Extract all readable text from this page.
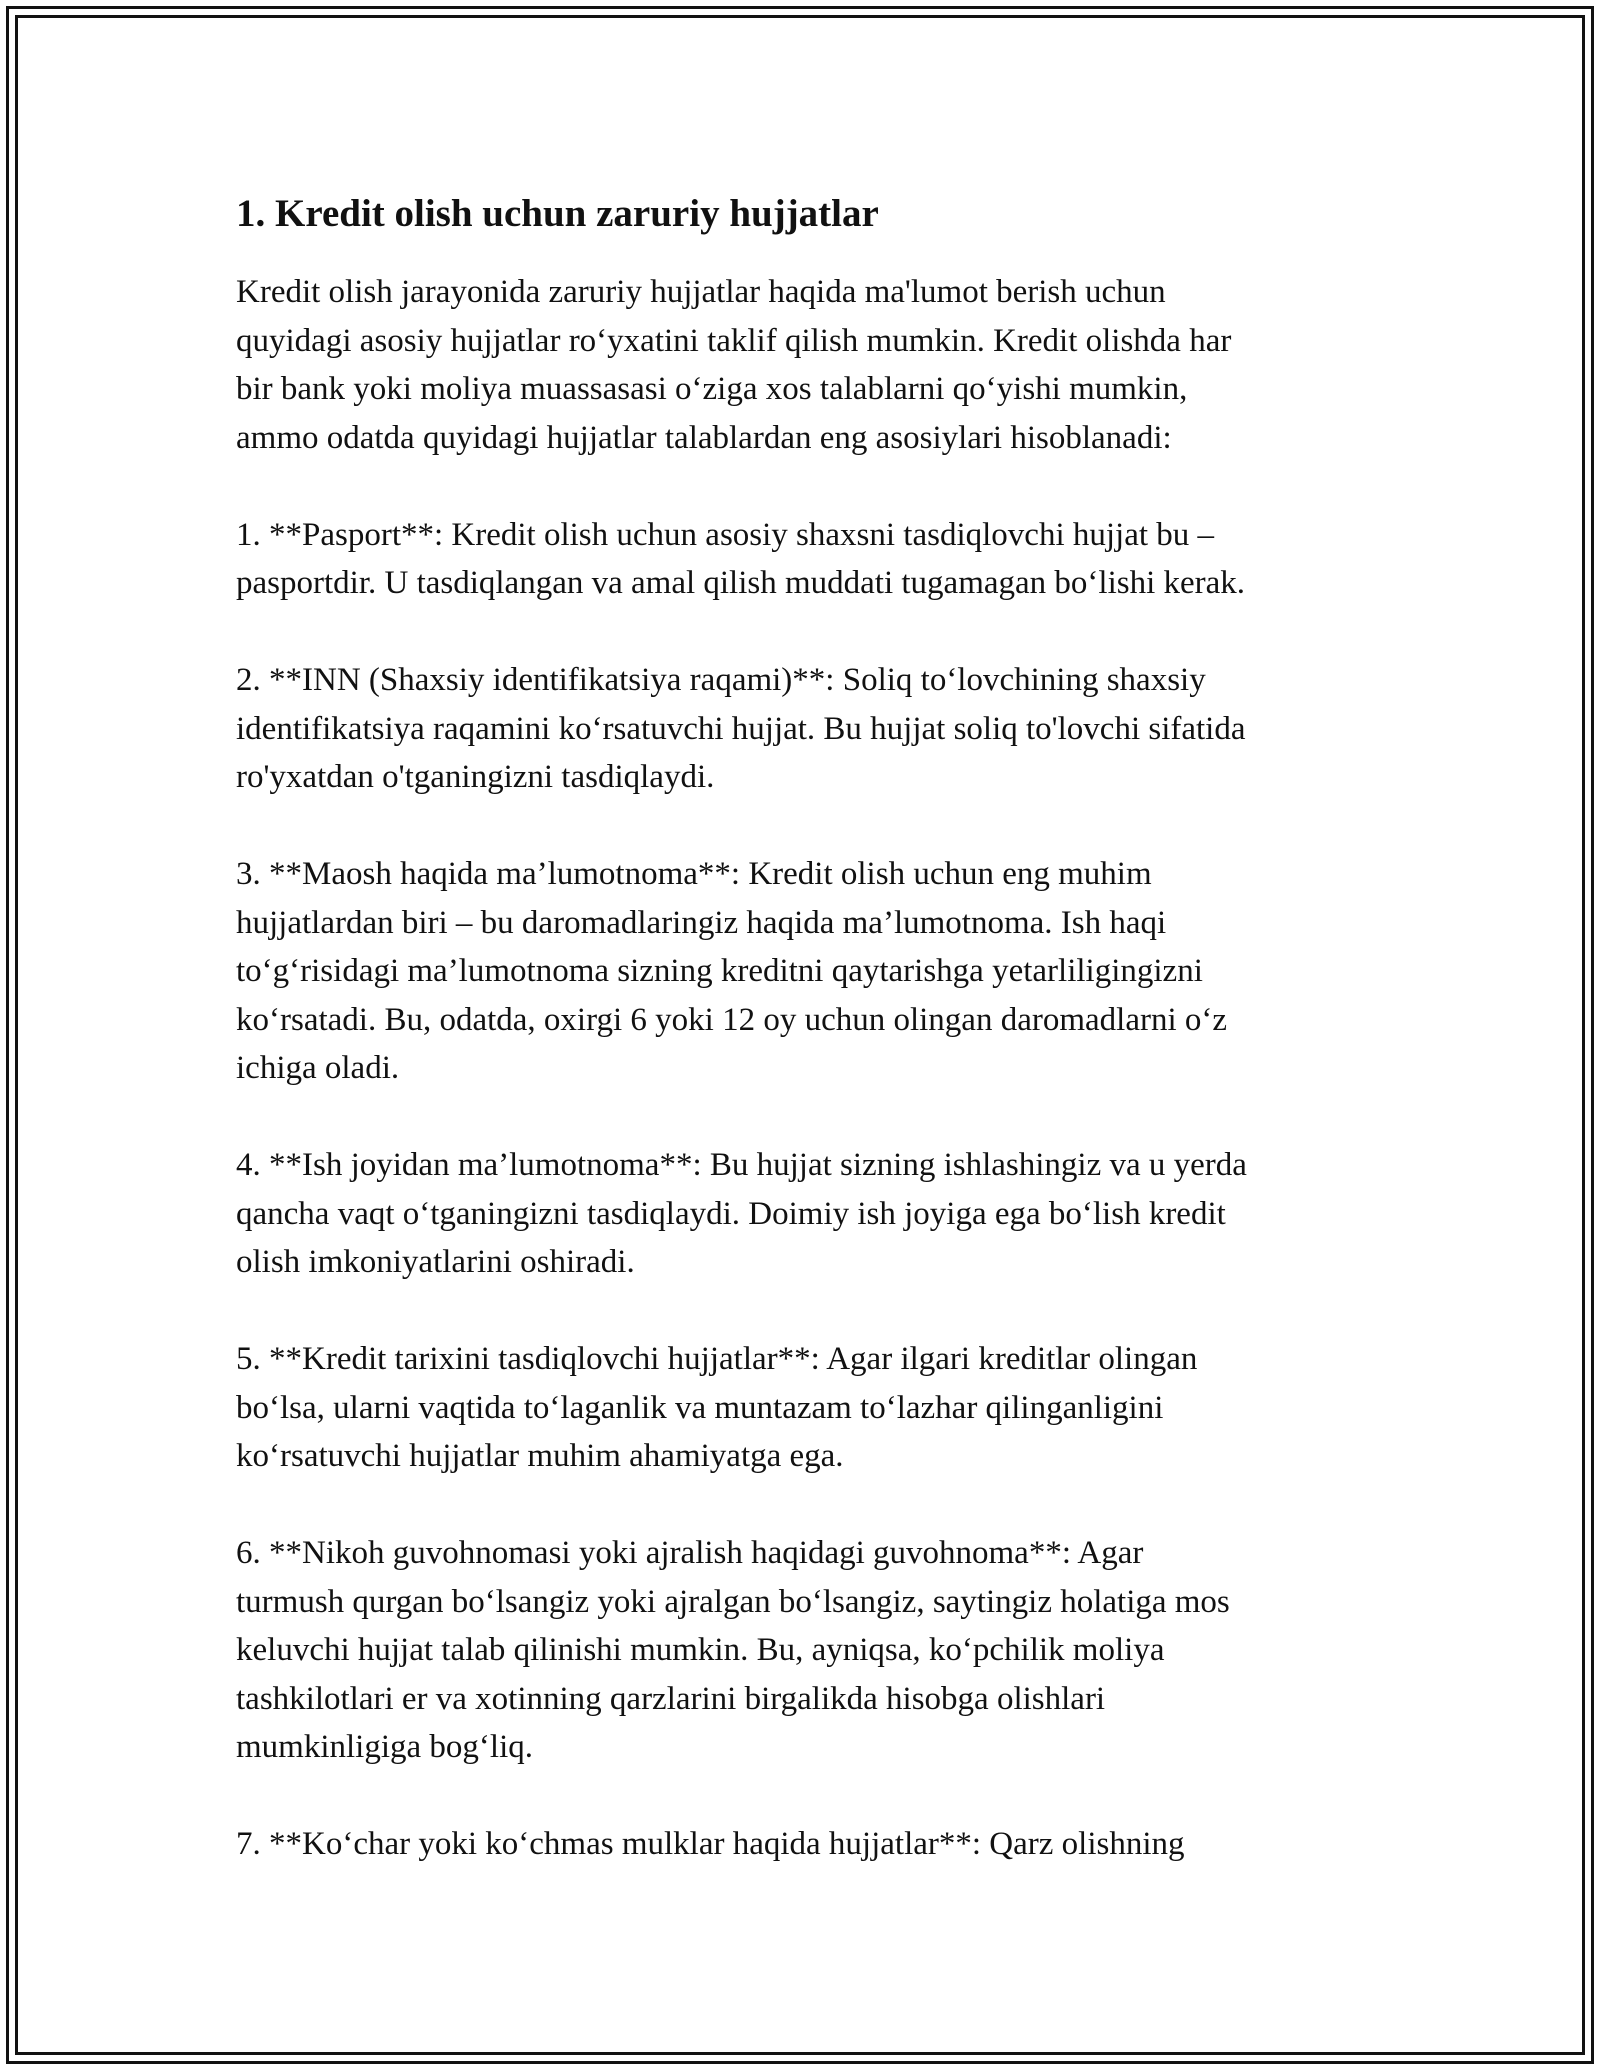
1. Kredit olish uchun zaruriy hujjatlar

Kredit olish jarayonida zaruriy hujjatlar haqida ma'lumot berish uchun
quyidagi asosiy hujjatlar ro‘yxatini taklif qilish mumkin. Kredit olishda har
bir bank yoki moliya muassasasi o‘ziga xos talablarni qo‘yishi mumkin,
ammo odatda quyidagi hujjatlar talablardan eng asosiylari hisoblanadi:

1. **Pasport**: Kredit olish uchun asosiy shaxsni tasdiqlovchi hujjat bu –
pasportdir. U tasdiqlangan va amal qilish muddati tugamagan bo‘lishi kerak.

2. **INN (Shaxsiy identifikatsiya raqami)**: Soliq to‘lovchining shaxsiy
identifikatsiya raqamini ko‘rsatuvchi hujjat. Bu hujjat soliq to'lovchi sifatida
ro'yxatdan o'tganingizni tasdiqlaydi.

3. **Maosh haqida ma’lumotnoma**: Kredit olish uchun eng muhim
hujjatlardan biri – bu daromadlaringiz haqida ma’lumotnoma. Ish haqi
to‘g‘risidagi ma’lumotnoma sizning kreditni qaytarishga yetarliligingizni
ko‘rsatadi. Bu, odatda, oxirgi 6 yoki 12 oy uchun olingan daromadlarni o‘z
ichiga oladi.

4. **Ish joyidan ma’lumotnoma**: Bu hujjat sizning ishlashingiz va u yerda
qancha vaqt o‘tganingizni tasdiqlaydi. Doimiy ish joyiga ega bo‘lish kredit
olish imkoniyatlarini oshiradi.

5. **Kredit tarixini tasdiqlovchi hujjatlar**: Agar ilgari kreditlar olingan
bo‘lsa, ularni vaqtida to‘laganlik va muntazam to‘lazhar qilinganligini
ko‘rsatuvchi hujjatlar muhim ahamiyatga ega.

6. **Nikoh guvohnomasi yoki ajralish haqidagi guvohnoma**: Agar
turmush qurgan bo‘lsangiz yoki ajralgan bo‘lsangiz, saytingiz holatiga mos
keluvchi hujjat talab qilinishi mumkin. Bu, ayniqsa, ko‘pchilik moliya
tashkilotlari er va xotinning qarzlarini birgalikda hisobga olishlari
mumkinligiga bog‘liq.

7. **Ko‘char yoki ko‘chmas mulklar haqida hujjatlar**: Qarz olishning
